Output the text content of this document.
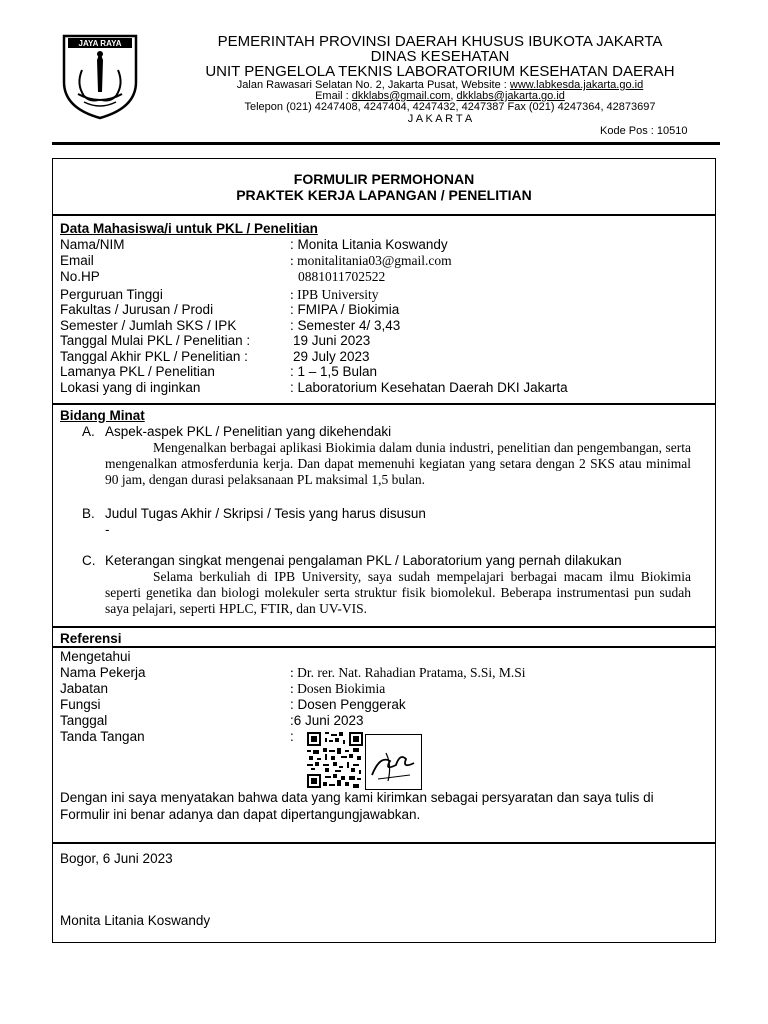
JAYA RAYA	PEMERINTAH PROVINSI DAERAH KHUSUS IBUKOTA JAKARTA
DINAS KESEHATAN
UNIT PENGELOLA TEKNIS LABORATORIUM KESEHATAN DAERAH
Jalan Rawasari Selatan No. 2, Jakarta Pusat, Website : www.labkesda.jakarta.go.id
Email : dkklabs@gmail.com, dkklabs@jakarta.go.id
Telepon (021) 4247408, 4247404, 4247432, 4247387 Fax (021) 4247364, 42873697
J A K A R T A
Kode Pos : 10510
FORMULIR PERMOHONAN
PRAKTEK KERJA LAPANGAN / PENELITIAN
Data Mahasiswa/i untuk PKL / Penelitian
Nama/NIM	: Monita Litania Koswandy
Email	: monitalitania03@gmail.com
No.HP	0881011702522
Perguruan Tinggi	: IPB University
Fakultas / Jurusan / Prodi	: FMIPA / Biokimia
Semester / Jumlah SKS / IPK	: Semester 4/ 3,43
Tanggal Mulai PKL / Penelitian :	19 Juni 2023
Tanggal Akhir PKL / Penelitian :	29 July 2023
Lamanya PKL / Penelitian	: 1 – 1,5 Bulan
Lokasi yang di inginkan	: Laboratorium Kesehatan Daerah DKI Jakarta
Bidang Minat
A. Aspek-aspek PKL / Penelitian yang dikehendaki
Mengenalkan berbagai aplikasi Biokimia dalam dunia industri, penelitian dan pengembangan, serta mengenalkan atmosferdunia kerja. Dan dapat memenuhi kegiatan yang setara dengan 2 SKS atau minimal 90 jam, dengan durasi pelaksanaan PL maksimal 1,5 bulan.
B. Judul Tugas Akhir / Skripsi / Tesis yang harus disusun
-
C. Keterangan singkat mengenai pengalaman PKL / Laboratorium yang pernah dilakukan
Selama berkuliah di IPB University, saya sudah mempelajari berbagai macam ilmu Biokimia seperti genetika dan biologi molekuler serta struktur fisik biomolekul. Beberapa instrumentasi pun sudah saya pelajari, seperti HPLC, FTIR, dan UV-VIS.
Referensi
Mengetahui
Nama Pekerja	: Dr. rer. Nat. Rahadian Pratama, S.Si, M.Si
Jabatan	: Dosen Biokimia
Fungsi	: Dosen Penggerak
Tanggal	:6 Juni 2023
Tanda Tangan	:
Dengan ini saya menyatakan bahwa data yang kami kirimkan sebagai persyaratan dan saya tulis di Formulir ini benar adanya dan dapat dipertangungjawabkan.
Bogor, 6 Juni 2023
Monita Litania Koswandy
